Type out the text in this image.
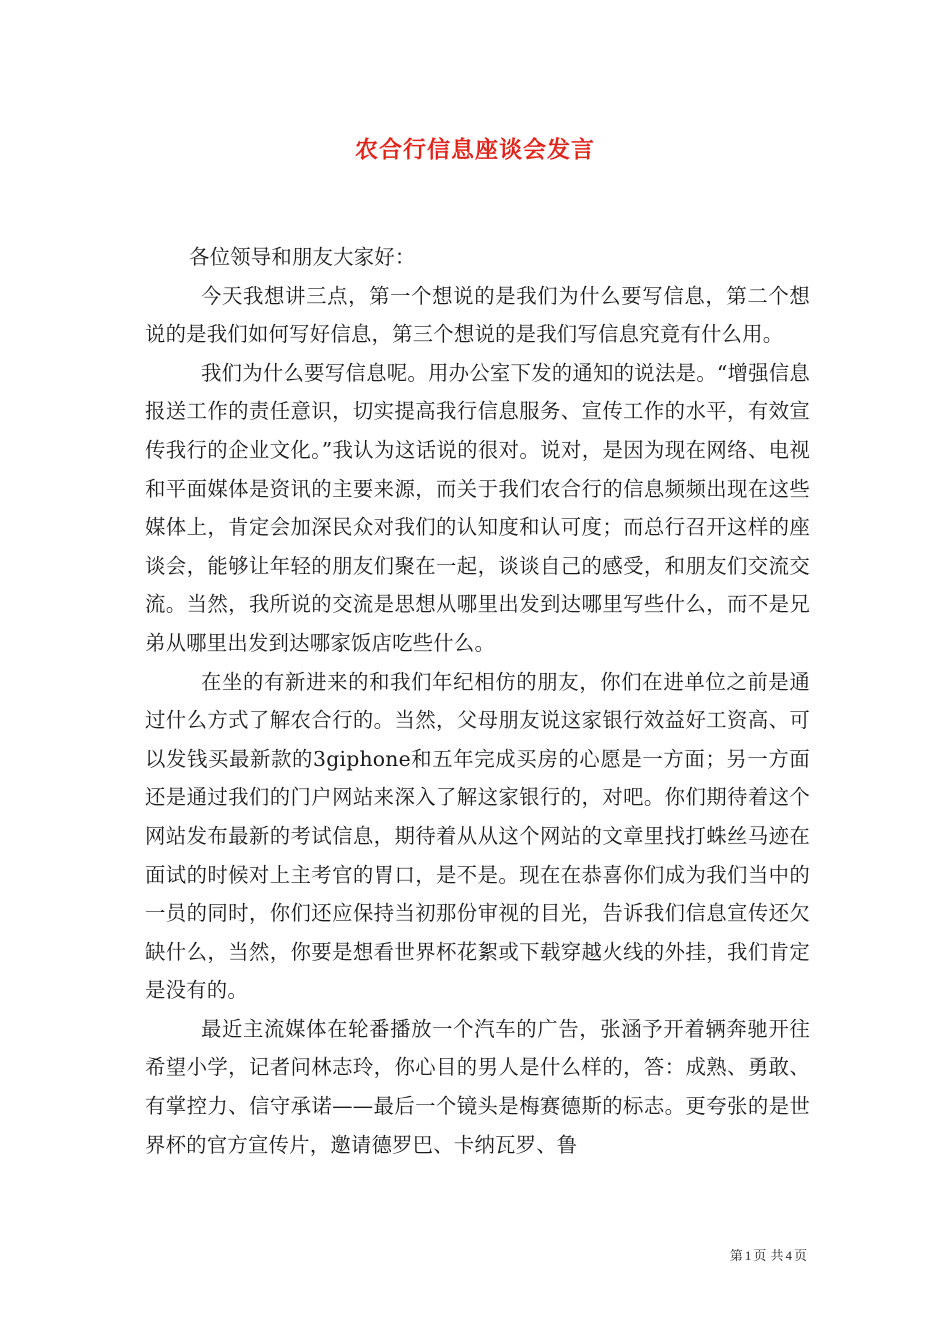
农合行信息座谈会发言

各位领导和朋友大家好：

今天我想讲三点，第一个想说的是我们为什么要写信息，第二个想说的是我们如何写好信息，第三个想说的是我们写信息究竟有什么用。

我们为什么要写信息呢。用办公室下发的通知的说法是。“增强信息报送工作的责任意识，切实提高我行信息服务、宣传工作的水平，有效宣传我行的企业文化。”我认为这话说的很对。说对，是因为现在网络、电视和平面媒体是资讯的主要来源，而关于我们农合行的信息频频出现在这些媒体上，肯定会加深民众对我们的认知度和认可度；而总行召开这样的座谈会，能够让年轻的朋友们聚在一起，谈谈自己的感受，和朋友们交流交流。当然，我所说的交流是思想从哪里出发到达哪里写些什么，而不是兄弟从哪里出发到达哪家饭店吃些什么。

在坐的有新进来的和我们年纪相仿的朋友，你们在进单位之前是通过什么方式了解农合行的。当然，父母朋友说这家银行效益好工资高、可以发钱买最新款的3giphone和五年完成买房的心愿是一方面；另一方面还是通过我们的门户网站来深入了解这家银行的，对吧。你们期待着这个网站发布最新的考试信息，期待着从从这个网站的文章里找打蛛丝马迹在面试的时候对上主考官的胃口，是不是。现在在恭喜你们成为我们当中的一员的同时，你们还应保持当初那份审视的目光，告诉我们信息宣传还欠缺什么，当然，你要是想看世界杯花絮或下载穿越火线的外挂，我们肯定是没有的。

最近主流媒体在轮番播放一个汽车的广告，张涵予开着辆奔驰开往希望小学，记者问林志玲，你心目的男人是什么样的，答：成熟、勇敢、有掌控力、信守承诺——最后一个镜头是梅赛德斯的标志。更夸张的是世界杯的官方宣传片，邀请德罗巴、卡纳瓦罗、鲁

第 1 页 共 4 页
